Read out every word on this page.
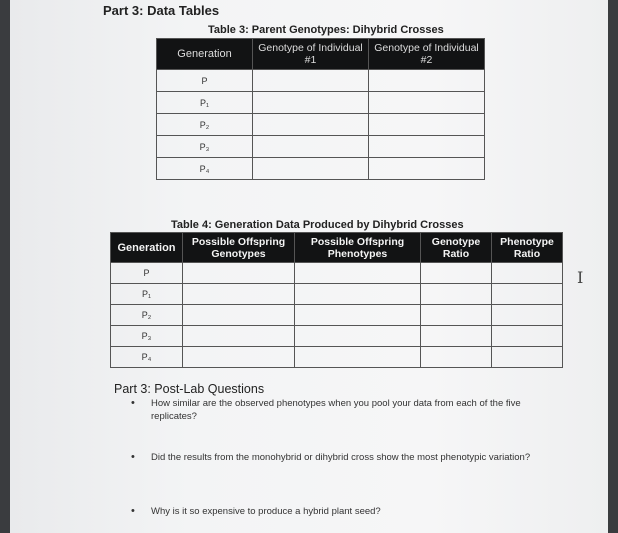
Part 3: Data Tables
Table 3: Parent Genotypes: Dihybrid Crosses
Generation	Genotype of Individual #1	Genotype of Individual #2
P		
P₁		
P₂		
P₃		
P₄		
Table 4: Generation Data Produced by Dihybrid Crosses
Generation	Possible Offspring Genotypes	Possible Offspring Phenotypes	Genotype Ratio	Phenotype Ratio
P				
P₁				
P₂				
P₃				
P₄				
Part 3: Post-Lab Questions
• How similar are the observed phenotypes when you pool your data from each of the five replicates?
• Did the results from the monohybrid or dihybrid cross show the most phenotypic variation?
• Why is it so expensive to produce a hybrid plant seed?
I
